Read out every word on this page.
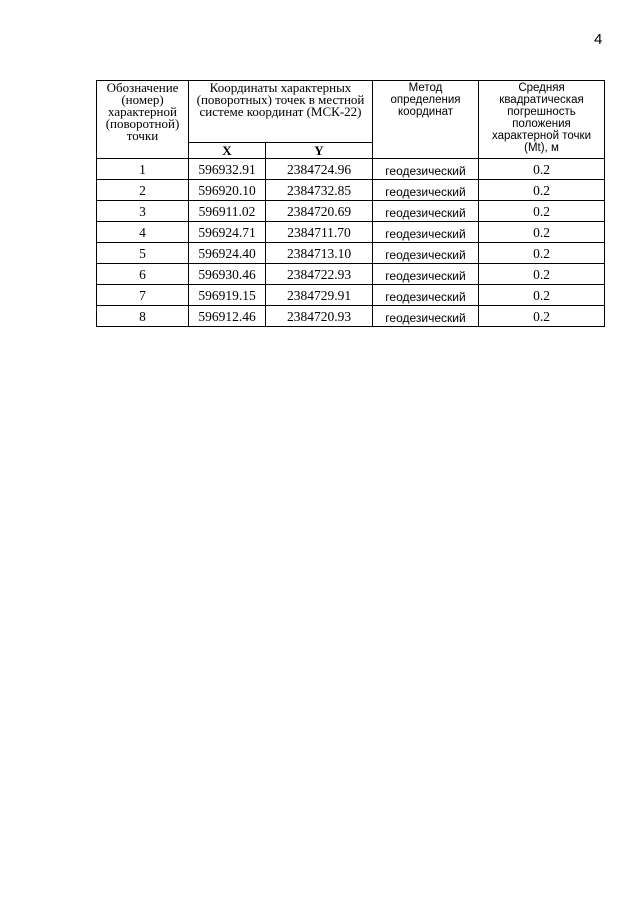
4
Обозначение (номер) характерной (поворотной) точки	Координаты характерных (поворотных) точек в местной системе координат (МСК-22)		Метод определения координат	Средняя квадратическая погрешность положения характерной точки (Mt), м
	X	Y		
1	596932.91	2384724.96	геодезический	0.2
2	596920.10	2384732.85	геодезический	0.2
3	596911.02	2384720.69	геодезический	0.2
4	596924.71	2384711.70	геодезический	0.2
5	596924.40	2384713.10	геодезический	0.2
6	596930.46	2384722.93	геодезический	0.2
7	596919.15	2384729.91	геодезический	0.2
8	596912.46	2384720.93	геодезический	0.2
